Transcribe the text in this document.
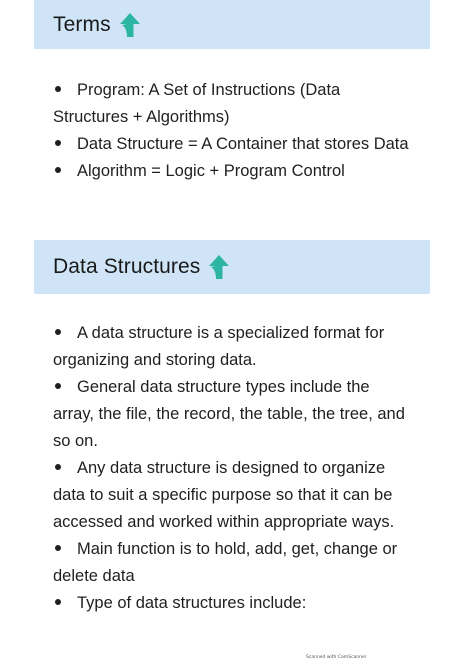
Terms
Program: A Set of Instructions (Data Structures + Algorithms)
Data Structure = A Container that stores Data
Algorithm = Logic + Program Control
Data Structures
A data structure is a specialized format for organizing and storing data.
General data structure types include the array, the file, the record, the table, the tree, and so on.
Any data structure is designed to organize data to suit a specific purpose so that it can be accessed and worked within appropriate ways.
Main function is to hold, add, get, change or delete data
Type of data structures include:
Scanned with CamScanner
